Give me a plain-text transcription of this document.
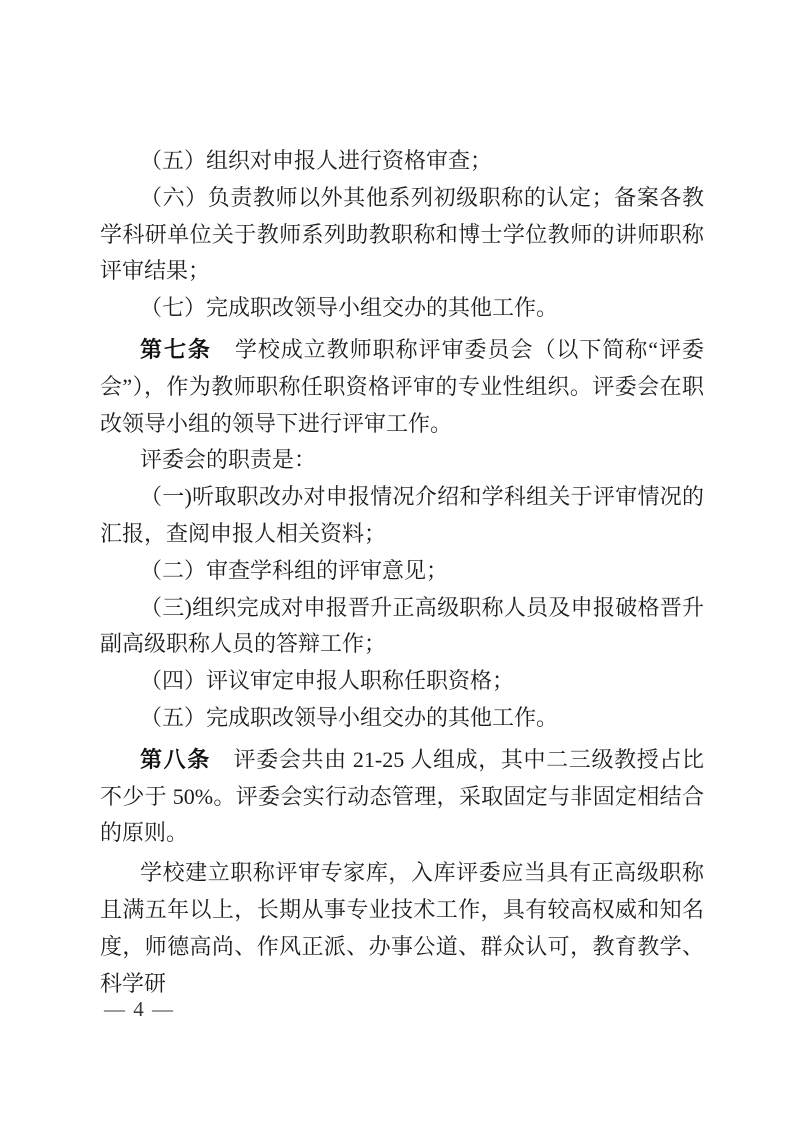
（五）组织对申报人进行资格审查；

（六）负责教师以外其他系列初级职称的认定；备案各教学科研单位关于教师系列助教职称和博士学位教师的讲师职称评审结果；

（七）完成职改领导小组交办的其他工作。

第七条　学校成立教师职称评审委员会（以下简称“评委会”），作为教师职称任职资格评审的专业性组织。评委会在职改领导小组的领导下进行评审工作。

评委会的职责是：

（一)听取职改办对申报情况介绍和学科组关于评审情况的汇报，查阅申报人相关资料；

（二）审查学科组的评审意见；

（三)组织完成对申报晋升正高级职称人员及申报破格晋升副高级职称人员的答辩工作；

（四）评议审定申报人职称任职资格；

（五）完成职改领导小组交办的其他工作。

第八条　评委会共由 21-25 人组成，其中二三级教授占比不少于 50%。评委会实行动态管理，采取固定与非固定相结合的原则。

学校建立职称评审专家库，入库评委应当具有正高级职称且满五年以上，长期从事专业技术工作，具有较高权威和知名度，师德高尚、作风正派、办事公道、群众认可，教育教学、科学研

— 4 —
